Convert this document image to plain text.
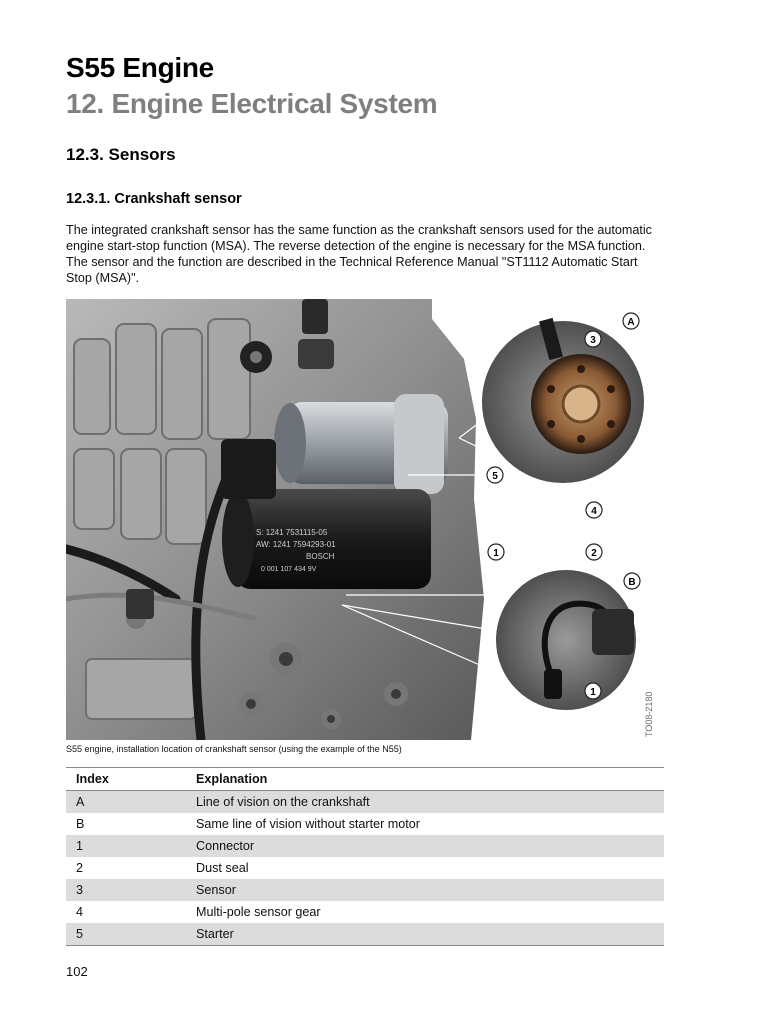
S55 Engine
12. Engine Electrical System
12.3. Sensors
12.3.1. Crankshaft sensor

The integrated crankshaft sensor has the same function as the crankshaft sensors used for the automatic engine start-stop function (MSA). The reverse detection of the engine is necessary for the MSA function. The sensor and the function are described in the Technical Reference Manual "ST1112 Automatic Start Stop (MSA)".

S: 1241 7531115-05
AW: 1241 7594293-01
BOSCH
0 001 107 434 9V
A
3
5
4
1	2
B
1	TO08-2180

S55 engine, installation location of crankshaft sensor (using the example of the N55)

Index	Explanation
A	Line of vision on the crankshaft
B	Same line of vision without starter motor
1	Connector
2	Dust seal
3	Sensor
4	Multi-pole sensor gear
5	Starter

102
